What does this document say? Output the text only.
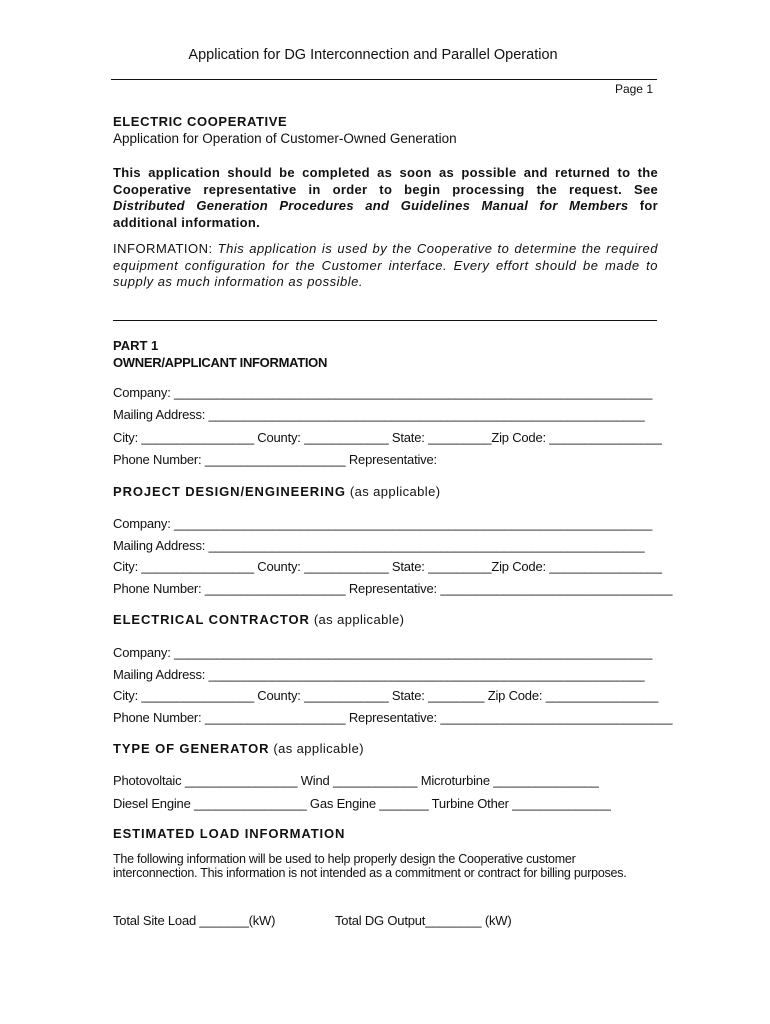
Application for DG Interconnection and Parallel Operation
Page 1
ELECTRIC COOPERATIVE
Application for Operation of Customer-Owned Generation
This application should be completed as soon as possible and returned to the Cooperative representative in order to begin processing the request. See Distributed Generation Procedures and Guidelines Manual for Members for additional information.
INFORMATION: This application is used by the Cooperative to determine the required equipment configuration for the Customer interface. Every effort should be made to supply as much information as possible.
PART 1
OWNER/APPLICANT INFORMATION
Company: ____________________________________________________________________
Mailing Address: ______________________________________________________________
City: ________________ County: ____________ State: _________Zip Code: ________________
Phone Number: ____________________ Representative:
PROJECT DESIGN/ENGINEERING (as applicable)
Company: ____________________________________________________________________
Mailing Address: ______________________________________________________________
City: ________________ County: ____________ State: _________Zip Code: ________________
Phone Number: ____________________ Representative: _________________________________
ELECTRICAL CONTRACTOR (as applicable)
Company: ____________________________________________________________________
Mailing Address: ______________________________________________________________
City: ________________ County: ____________ State: ________ Zip Code: ________________
Phone Number: ____________________ Representative: _________________________________
TYPE OF GENERATOR (as applicable)
Photovoltaic ________________ Wind ____________ Microturbine _______________
Diesel Engine ________________ Gas Engine _______ Turbine Other ______________
ESTIMATED LOAD INFORMATION
The following information will be used to help properly design the Cooperative customer interconnection. This information is not intended as a commitment or contract for billing purposes.
Total Site Load _______(kW)	Total DG Output________ (kW)
